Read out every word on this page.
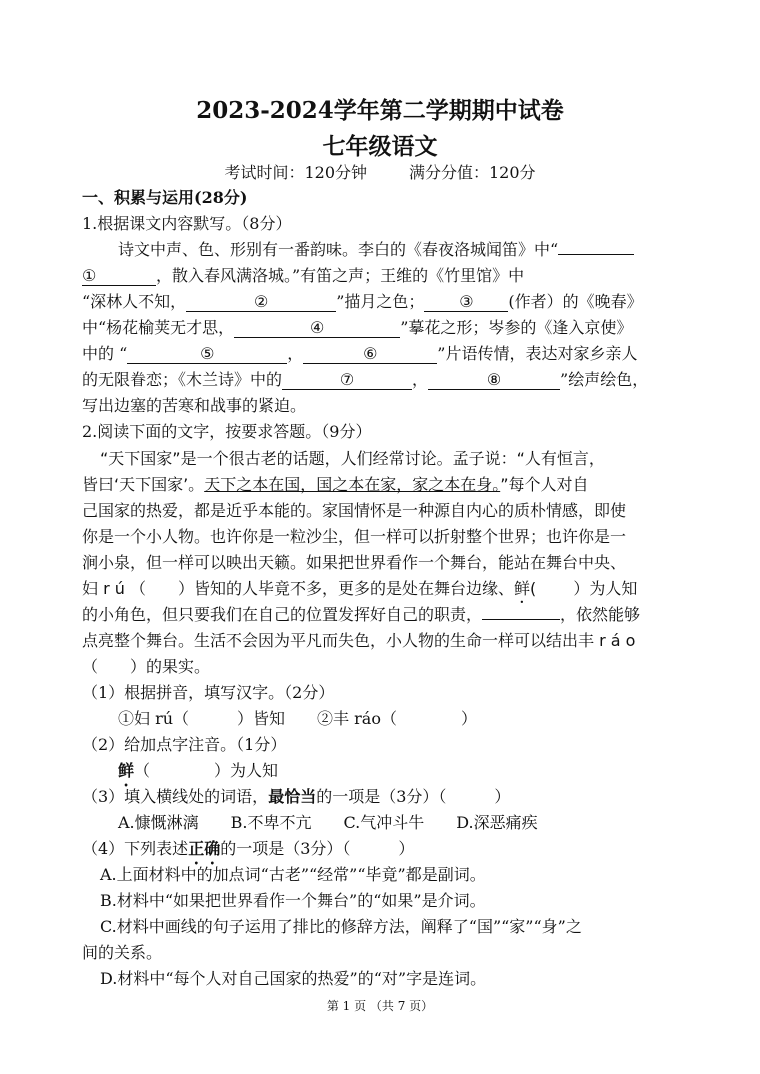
2023-2024学年第二学期期中试卷
七年级语文
考试时间：120分钟	满分分值：120分
一、积累与运用(28分)
1.根据课文内容默写。（8分）
诗文中声、色、形别有一番韵味。李白的《春夜洛城闻笛》中“
①	，散入春风满洛城。”有笛之声；王维的《竹里馆》中
“深林人不知，	②	”描月之色； ③ (作者）的《晚春》
中“杨花榆荚无才思，	④	”摹花之形；岑参的《逢入京使》
中的 “	⑤	，	⑥	”片语传情，表达对家乡亲人
的无限眷恋；《木兰诗》中的	⑦	，	⑧	”绘声绘色，
写出边塞的苦寒和战事的紧迫。
2.阅读下面的文字，按要求答题。（9分）
“天下国家”是一个很古老的话题，人们经常讨论。孟子说：“人有恒言，
皆曰‘天下国家’。天下之本在国，国之本在家，家之本在身。”每个人对自
己国家的热爱，都是近乎本能的。家国情怀是一种源自内心的质朴情感，即使
你是一个小人物。也许你是一粒沙尘，但一样可以折射整个世界；也许你是一
涧小泉，但一样可以映出天籁。如果把世界看作一个舞台，能站在舞台中央、
妇 r ú （　　）皆知的人毕竟不多，更多的是处在舞台边缘、鲜(　　 ）为人知
的小角色，但只要我们在自己的位置发挥好自己的职责，	，依然能够
点亮整个舞台。生活不会因为平凡而失色，小人物的生命一样可以结出丰 r á o
（　　）的果实。
（1）根据拼音，填写汉字。（2分）
①妇 rú（　　　）皆知　　②丰 ráo（　　　　）
（2）给加点字注音。（1分）
鲜（　　　　）为人知
（3）填入横线处的词语，最恰当的一项是（3分）（　　　）
A.慷慨淋漓　　B.不卑不亢　　C.气冲斗牛　　D.深恶痛疾
（4）下列表述正确的一项是（3分）（　　　）
A.上面材料中的加点词“古老”“经常”“毕竟”都是副词。
B.材料中“如果把世界看作一个舞台”的“如果”是介词。
C.材料中画线的句子运用了排比的修辞方法，阐释了“国”“家”“身”之
间的关系。
D.材料中“每个人对自己国家的热爱”的“对”字是连词。
第 1 页 （共 7 页）
